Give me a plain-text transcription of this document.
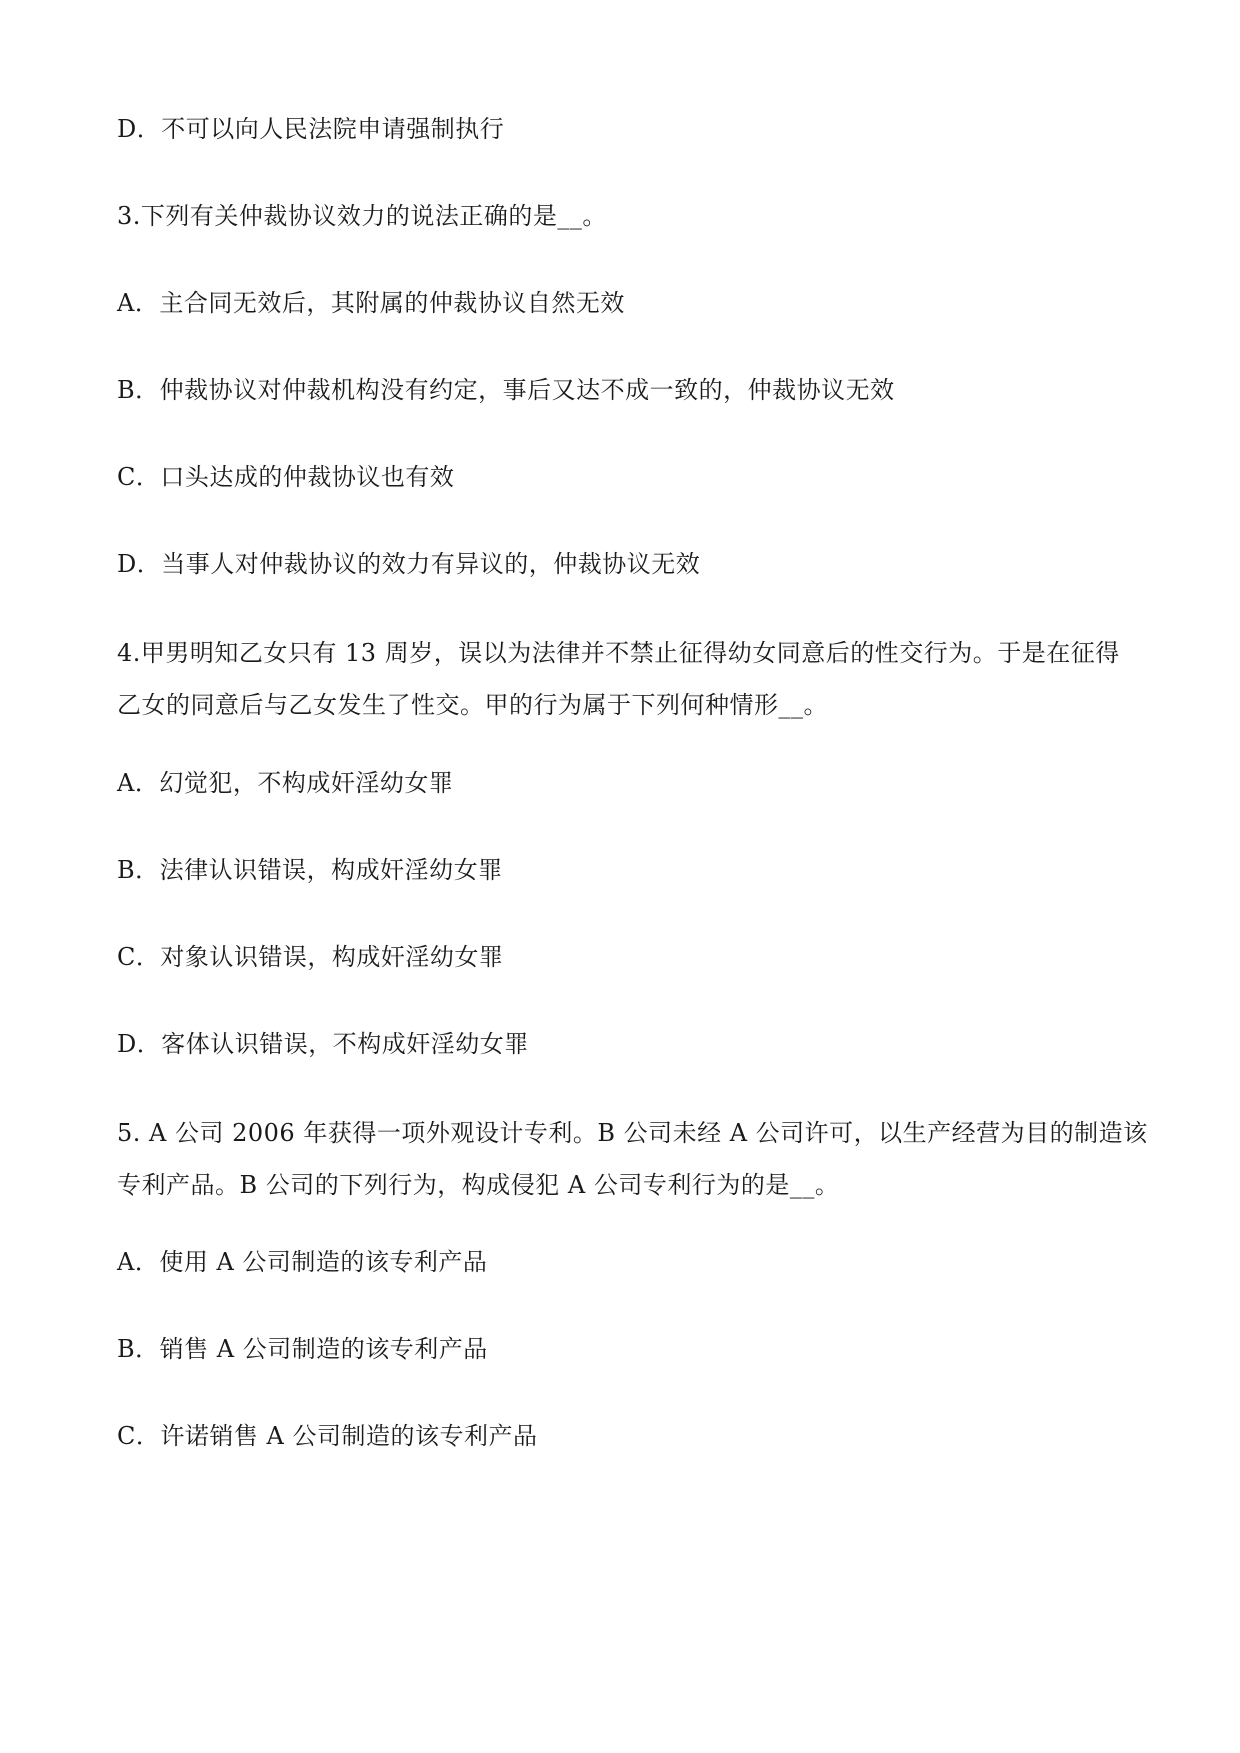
D．不可以向人民法院申请强制执行
3.下列有关仲裁协议效力的说法正确的是__。
A．主合同无效后，其附属的仲裁协议自然无效
B．仲裁协议对仲裁机构没有约定，事后又达不成一致的，仲裁协议无效
C．口头达成的仲裁协议也有效
D．当事人对仲裁协议的效力有异议的，仲裁协议无效
4.甲男明知乙女只有 13 周岁，误以为法律并不禁止征得幼女同意后的性交行为。于是在征得
乙女的同意后与乙女发生了性交。甲的行为属于下列何种情形__。
A．幻觉犯，不构成奸淫幼女罪
B．法律认识错误，构成奸淫幼女罪
C．对象认识错误，构成奸淫幼女罪
D．客体认识错误，不构成奸淫幼女罪
5. A 公司 2006 年获得一项外观设计专利。B 公司未经 A 公司许可，以生产经营为目的制造该
专利产品。B 公司的下列行为，构成侵犯 A 公司专利行为的是__。
A．使用 A 公司制造的该专利产品
B．销售 A 公司制造的该专利产品
C．许诺销售 A 公司制造的该专利产品
